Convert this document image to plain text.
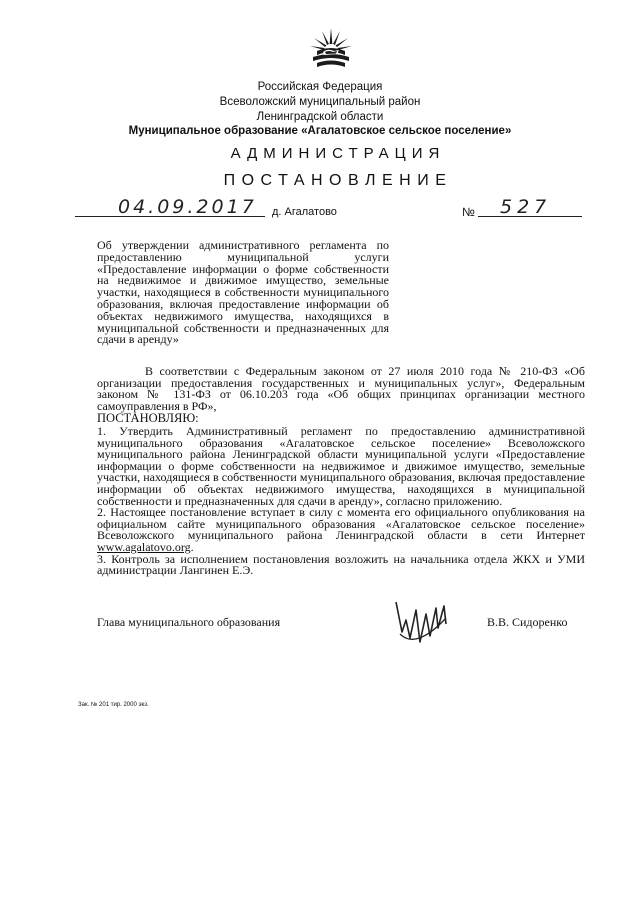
Российская Федерация
Всеволожский муниципальный район
Ленинградской области
Муниципальное образование «Агалатовское сельское поселение»
АДМИНИСТРАЦИЯ
ПОСТАНОВЛЕНИЕ
04.09.2017 д. Агалатово	№ 527

Об утверждении административного регламента по предоставлению муниципальной услуги «Предоставление информации о форме собственности на недвижимое и движимое имущество, земельные участки, находящиеся в собственности муниципального образования, включая предоставление информации об объектах недвижимого имущества, находящихся в муниципальной собственности и предназначенных для сдачи в аренду»

В соответствии с Федеральным законом от 27 июля 2010 года № 210-ФЗ «Об организации предоставления государственных и муниципальных услуг», Федеральным законом № 131-ФЗ от 06.10.203 года «Об общих принципах организации местного самоуправления в РФ»,

ПОСТАНОВЛЯЮ:

1. Утвердить Административный регламент по предоставлению административной муниципального образования «Агалатовское сельское поселение» Всеволожского муниципального района Ленинградской области муниципальной услуги «Предоставление информации о форме собственности на недвижимое и движимое имущество, земельные участки, находящиеся в собственности муниципального образования, включая предоставление информации об объектах недвижимого имущества, находящихся в муниципальной собственности и предназначенных для сдачи в аренду», согласно приложению.

2. Настоящее постановление вступает в силу с момента его официального опубликования на официальном сайте муниципального образования «Агалатовское сельское поселение» Всеволожского муниципального района Ленинградской области в сети Интернет www.agalatovo.org.

3. Контроль за исполнением постановления возложить на начальника отдела ЖКХ и УМИ администрации Лангинен Е.Э.

Глава муниципального образования	В.В. Сидоренко
Зак. № 201 тир. 2000 экз.
